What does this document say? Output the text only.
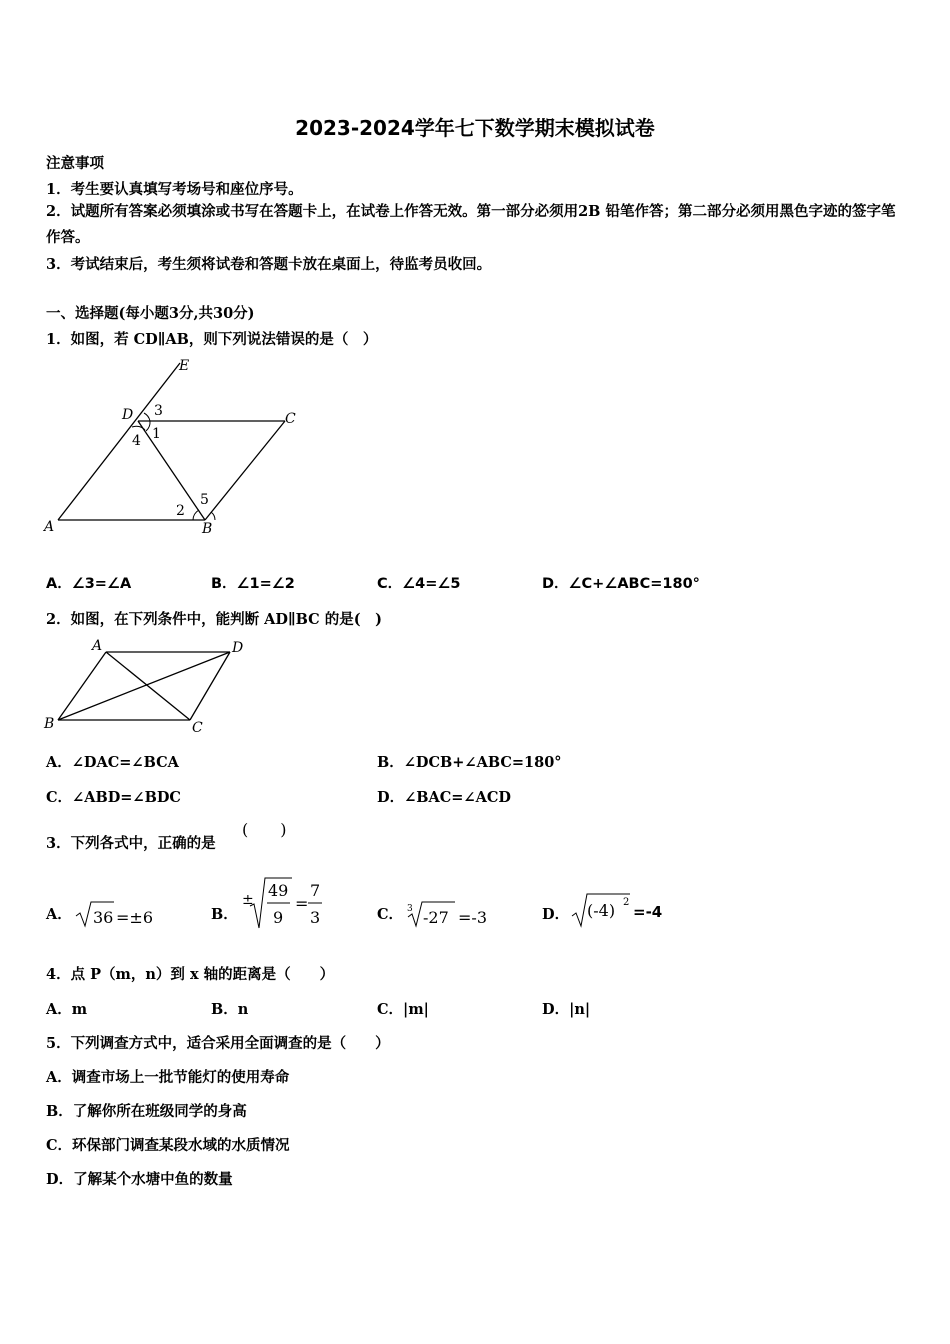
2023-2024学年七下数学期末模拟试卷
注意事项
1．考生要认真填写考场号和座位序号。
2．试题所有答案必须填涂或书写在答题卡上，在试卷上作答无效。第一部分必须用2B 铅笔作答；第二部分必须用黑色字迹的签字笔作答。
3．考试结束后，考生须将试卷和答题卡放在桌面上，待监考员收回。
一、选择题(每小题3分,共30分)
1．如图，若 CD∥AB，则下列说法错误的是（　）
E
D 3	C
4 1
2
5
A	B
A．∠3=∠A	B．∠1=∠2	C．∠4=∠5	D．∠C+∠ABC=180°
2．如图，在下列条件中，能判断 AD∥BC 的是(　)
A	D
B	C
A．∠DAC=∠BCA	B．∠DCB+∠ABC=180°
C．∠ABD=∠BDC	D．∠BAC=∠ACD
3．下列各式中，正确的是
(　　)
A． 36 =±6	B．
± 49
9
=
7
3	C． 3 -27 =-3	D． (-4) 2
=-4
4．点 P（m，n）到 x 轴的距离是（　　）
A．m	B．n	C．|m|	D．|n|
5．下列调查方式中，适合采用全面调查的是（　　）
A．调查市场上一批节能灯的使用寿命
B．了解你所在班级同学的身高
C．环保部门调查某段水域的水质情况
D．了解某个水塘中鱼的数量
